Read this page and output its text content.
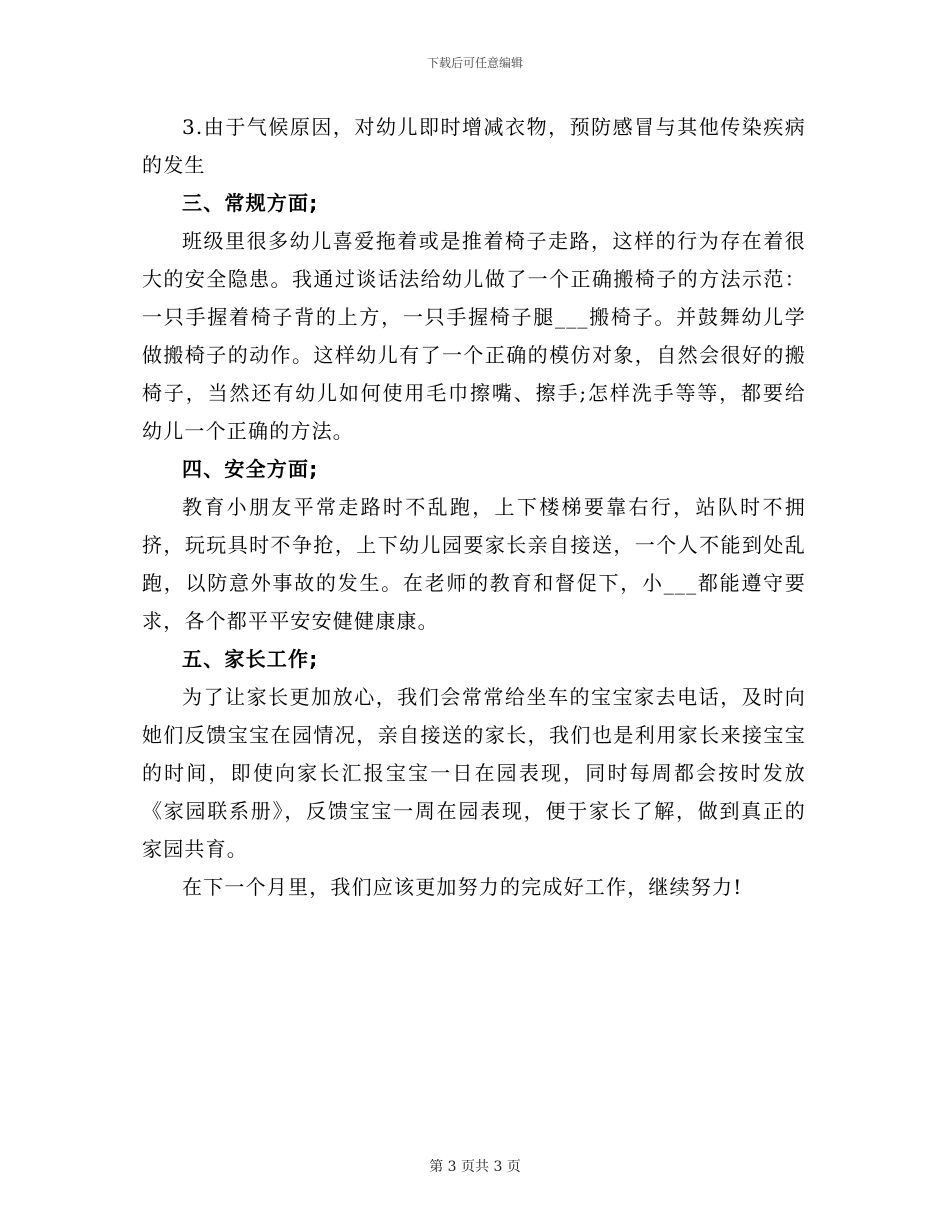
下载后可任意编辑

3.由于气候原因，对幼儿即时增减衣物，预防感冒与其他传染疾病的发生

三、常规方面;

班级里很多幼儿喜爱拖着或是推着椅子走路，这样的行为存在着很大的安全隐患。我通过谈话法给幼儿做了一个正确搬椅子的方法示范：一只手握着椅子背的上方，一只手握椅子腿___搬椅子。并鼓舞幼儿学做搬椅子的动作。这样幼儿有了一个正确的模仿对象，自然会很好的搬椅子，当然还有幼儿如何使用毛巾擦嘴、擦手;怎样洗手等等，都要给幼儿一个正确的方法。

四、安全方面;

教育小朋友平常走路时不乱跑，上下楼梯要靠右行，站队时不拥挤，玩玩具时不争抢，上下幼儿园要家长亲自接送，一个人不能到处乱跑，以防意外事故的发生。在老师的教育和督促下，小___都能遵守要求，各个都平平安安健健康康。

五、家长工作;

为了让家长更加放心，我们会常常给坐车的宝宝家去电话，及时向她们反馈宝宝在园情况，亲自接送的家长，我们也是利用家长来接宝宝的时间，即使向家长汇报宝宝一日在园表现，同时每周都会按时发放《家园联系册》，反馈宝宝一周在园表现，便于家长了解，做到真正的家园共育。

在下一个月里，我们应该更加努力的完成好工作，继续努力!

第 3 页共 3 页
